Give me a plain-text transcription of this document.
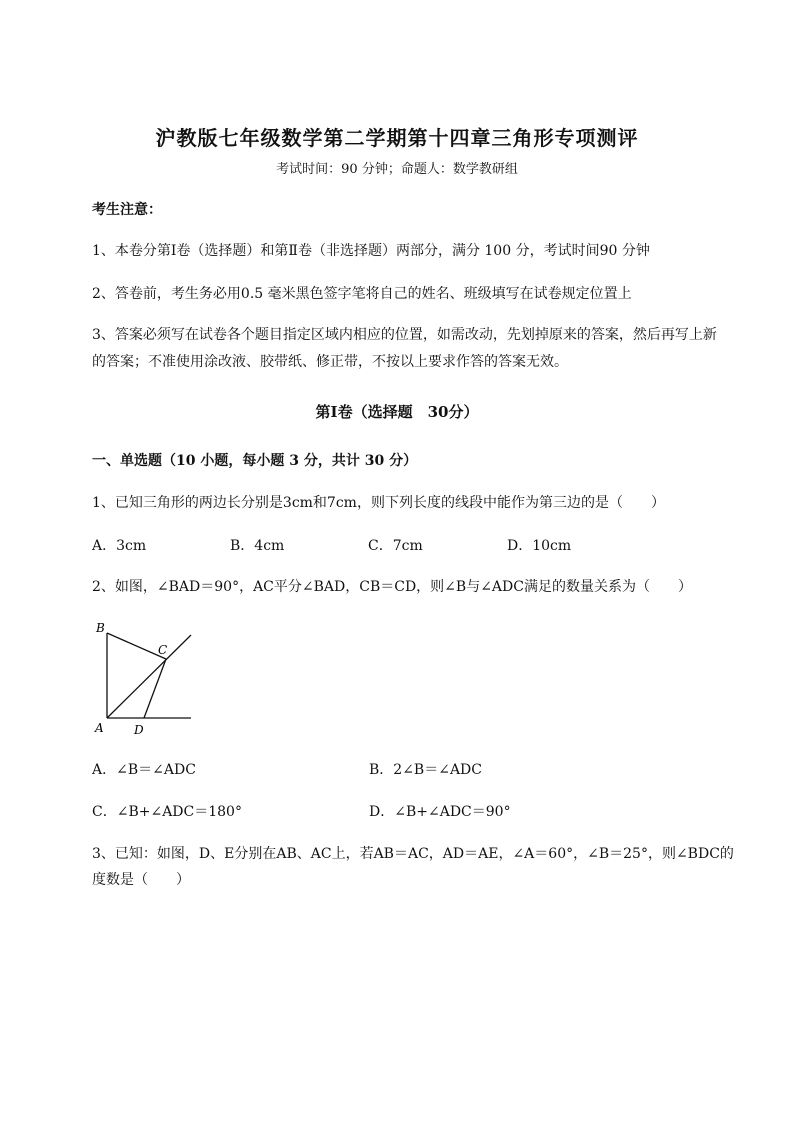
沪教版七年级数学第二学期第十四章三角形专项测评
考试时间：90 分钟；命题人：数学教研组
考生注意：
1、本卷分第Ⅰ卷（选择题）和第Ⅱ卷（非选择题）两部分，满分 100 分，考试时间90 分钟
2、答卷前，考生务必用0.5 毫米黑色签字笔将自己的姓名、班级填写在试卷规定位置上
3、答案必须写在试卷各个题目指定区域内相应的位置，如需改动，先划掉原来的答案，然后再写上新
的答案；不准使用涂改液、胶带纸、修正带，不按以上要求作答的答案无效。
第Ⅰ卷（选择题　30分）
一、单选题（10 小题，每小题 3 分，共计 30 分）
1、已知三角形的两边长分别是3cm和7cm，则下列长度的线段中能作为第三边的是（　　）
A．3cm	B．4cm	C．7cm	D．10cm
2、如图，∠BAD＝90°，AC平分∠BAD，CB＝CD，则∠B与∠ADC满足的数量关系为（　　）
B
C
A	D
A．∠B＝∠ADC	B．2∠B＝∠ADC
C．∠B+∠ADC＝180°	D．∠B+∠ADC＝90°
3、已知：如图，D、E分别在AB、AC上，若AB＝AC，AD＝AE，∠A＝60°，∠B＝25°，则∠BDC的
度数是（　　）
